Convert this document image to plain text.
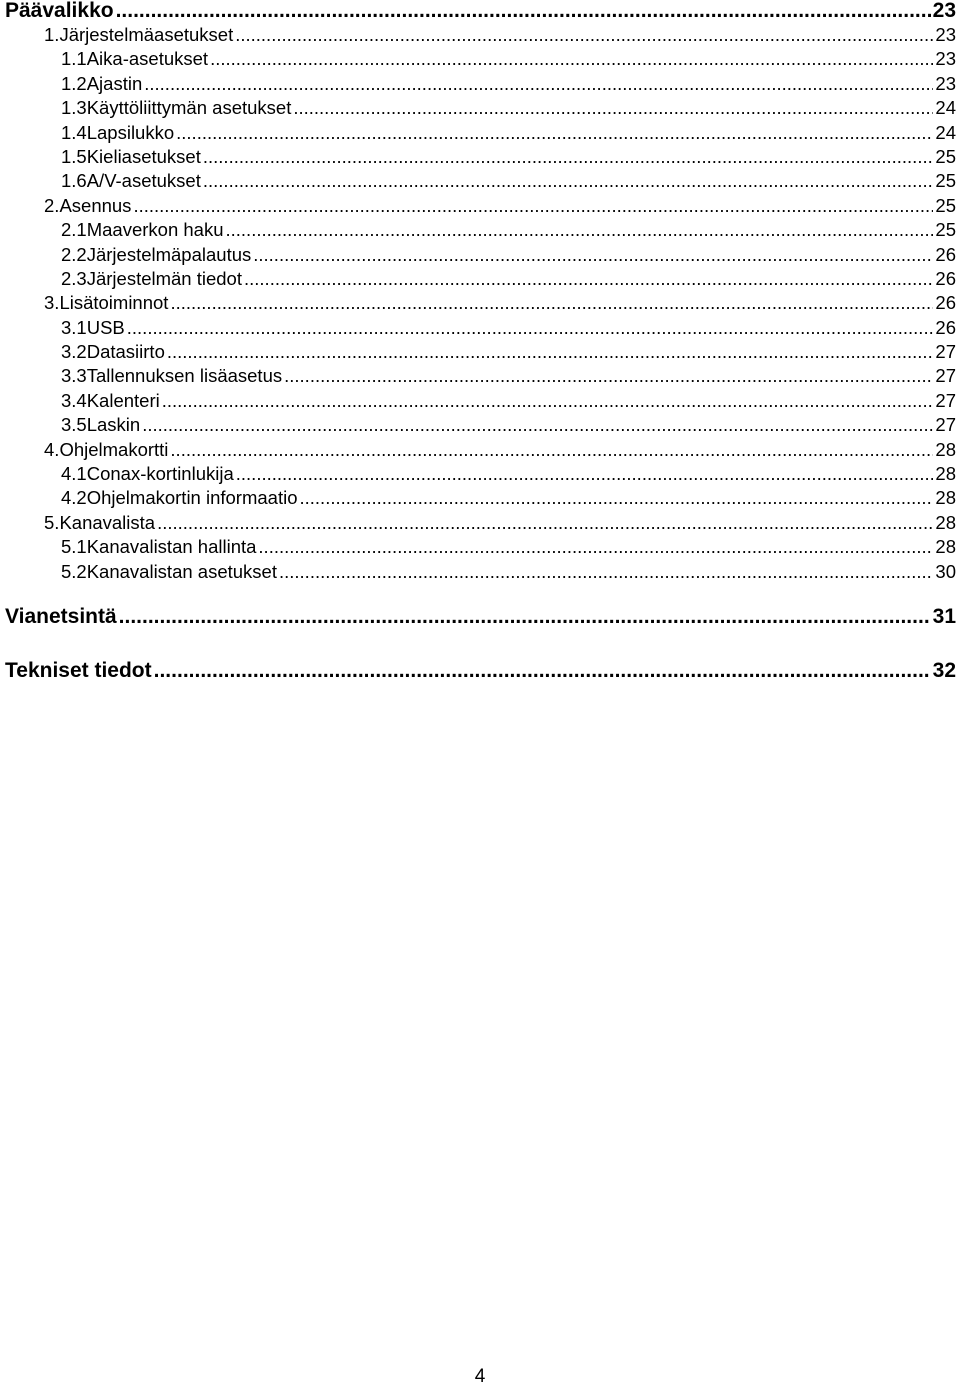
Päävalikko .....	23
1. Järjestelmäasetukset .....	23
1.1 Aika-asetukset .....	23
1.2 Ajastin .....	23
1.3 Käyttöliittymän asetukset .....	24
1.4 Lapsilukko .....	24
1.5 Kieliasetukset .....	25
1.6 A/V-asetukset .....	25
2. Asennus .....	25
2.1 Maaverkon haku .....	25
2.2 Järjestelmäpalautus .....	26
2.3 Järjestelmän tiedot .....	26
3. Lisätoiminnot .....	26
3.1 USB .....	26
3.2 Datasiirto .....	27
3.3 Tallennuksen lisäasetus .....	27
3.4 Kalenteri .....	27
3.5 Laskin .....	27
4. Ohjelmakortti .....	28
4.1 Conax-kortinlukija .....	28
4.2 Ohjelmakortin informaatio .....	28
5. Kanavalista .....	28
5.1 Kanavalistan hallinta .....	28
5.2 Kanavalistan asetukset .....	30
Vianetsintä .....	31
Tekniset tiedot .....	32
4
